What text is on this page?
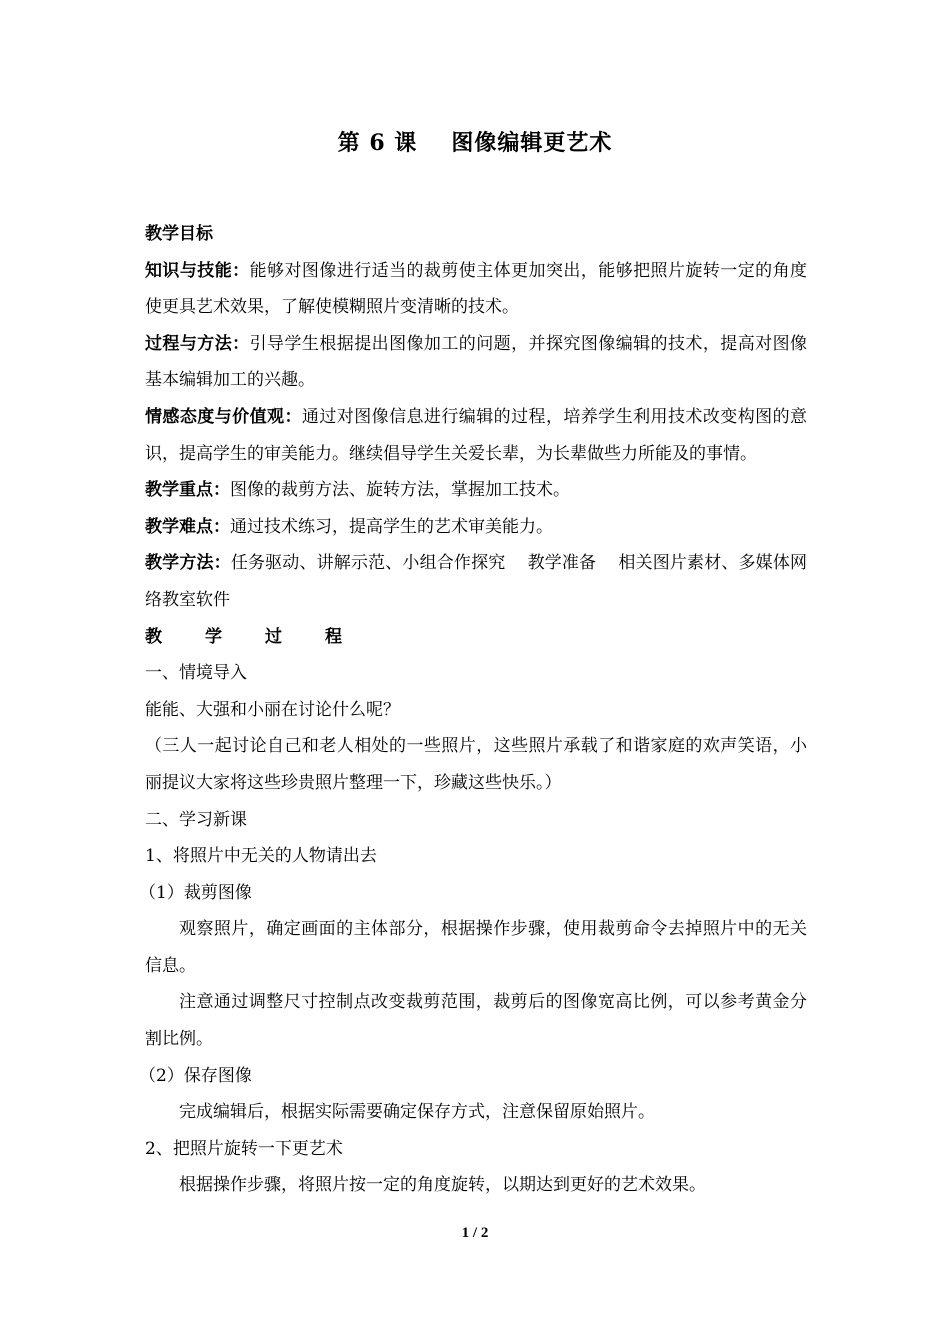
第 6 课 图像编辑更艺术

教学目标

知识与技能：能够对图像进行适当的裁剪使主体更加突出，能够把照片旋转一定的角度使更具艺术效果，了解使模糊照片变清晰的技术。

过程与方法：引导学生根据提出图像加工的问题，并探究图像编辑的技术，提高对图像基本编辑加工的兴趣。

情感态度与价值观：通过对图像信息进行编辑的过程，培养学生利用技术改变构图的意识，提高学生的审美能力。继续倡导学生关爱长辈，为长辈做些力所能及的事情。

教学重点：图像的裁剪方法、旋转方法，掌握加工技术。

教学难点：通过技术练习，提高学生的艺术审美能力。

教学方法：任务驱动、讲解示范、小组合作探究 教学准备 相关图片素材、多媒体网络教室软件

教	学	过	程

一、情境导入

能能、大强和小丽在讨论什么呢？

（三人一起讨论自己和老人相处的一些照片，这些照片承载了和谐家庭的欢声笑语，小丽提议大家将这些珍贵照片整理一下，珍藏这些快乐。）

二、学习新课

1、将照片中无关的人物请出去

（1）裁剪图像

观察照片，确定画面的主体部分，根据操作步骤，使用裁剪命令去掉照片中的无关信息。

注意通过调整尺寸控制点改变裁剪范围，裁剪后的图像宽高比例，可以参考黄金分割比例。

（2）保存图像

完成编辑后，根据实际需要确定保存方式，注意保留原始照片。

2、把照片旋转一下更艺术

根据操作步骤，将照片按一定的角度旋转，以期达到更好的艺术效果。

1 / 2
